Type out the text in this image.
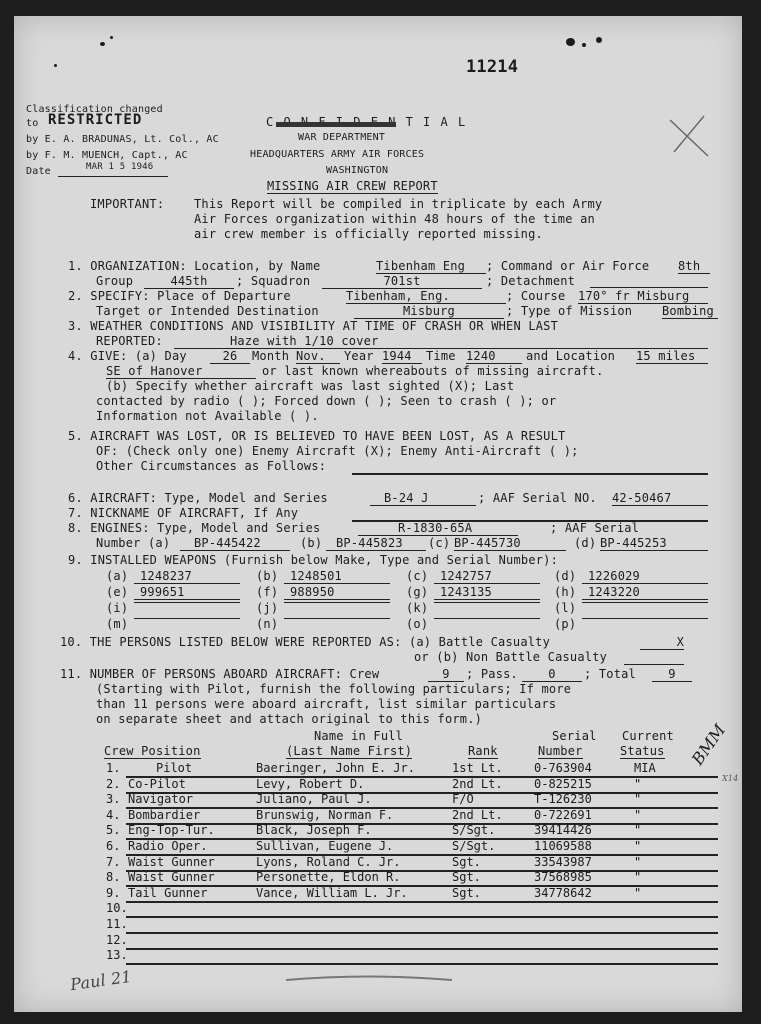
11214
Classification changed
to RESTRICTED
by E. A. BRADUNAS, Lt. Col., AC
by F. M. MUENCH, Capt., AC
Date	MAR 1 5 1946
C O N F I D E N T I A L
WAR DEPARTMENT
HEADQUARTERS ARMY AIR FORCES
WASHINGTON
MISSING AIR CREW REPORT
IMPORTANT: This Report will be compiled in triplicate by each Army
Air Forces organization within 48 hours of the time an
air crew member is officially reported missing.
1. ORGANIZATION: Location, by Name	Tibenham Eng	; Command or Air Force 8th
Group	445th	; Squadron	701st	; Detachment
2. SPECIFY: Place of Departure	Tibenham, Eng.	; Course 170° fr Misburg
Target or Intended Destination	Misburg	; Type of Mission Bombing
3. WEATHER CONDITIONS AND VISIBILITY AT TIME OF CRASH OR WHEN LAST
REPORTED:	Haze with 1/10 cover
4. GIVE: (a) Day	26	Month Nov.	Year 1944	Time 1240	and Location 15 miles
SE of Hanover	or last known whereabouts of missing aircraft.
(b) Specify whether aircraft was last sighted (X); Last
contacted by radio ( ); Forced down ( ); Seen to crash ( ); or
Information not Available ( ).
5. AIRCRAFT WAS LOST, OR IS BELIEVED TO HAVE BEEN LOST, AS A RESULT
OF: (Check only one) Enemy Aircraft (X); Enemy Anti-Aircraft ( );
Other Circumstances as Follows:
6. AIRCRAFT: Type, Model and Series	B-24 J	; AAF Serial NO. 42-50467
7. NICKNAME OF AIRCRAFT, If Any
8. ENGINES: Type, Model and Series	R-1830-65A	; AAF Serial
Number (a)	BP-445422	(b)	BP-445823	(c) BP-445730	(d) BP-445253
9. INSTALLED WEAPONS (Furnish below Make, Type and Serial Number):
(a) 1248237	(b) 1248501	(c) 1242757	(d) 1226029
(e) 999651	(f) 988950	(g) 1243135	(h) 1243220
(i)	(j)	(k)	(l)
(m)	(n)	(o)	(p)
10. THE PERSONS LISTED BELOW WERE REPORTED AS: (a) Battle Casualty	X
or (b) Non Battle Casualty
11. NUMBER OF PERSONS ABOARD AIRCRAFT: Crew	9	; Pass.	0	; Total	9
(Starting with Pilot, furnish the following particulars; If more
than 11 persons were aboard aircraft, list similar particulars
on separate sheet and attach original to this form.)
Name in Full	Serial Current
Crew Position	(Last Name First)	Rank	Number	Status
1.	Pilot	Baeringer, John E. Jr.	1st Lt.	0-763904	MIA
2. Co-Pilot	Levy, Robert D.	2nd Lt.	0-825215	"
3. Navigator	Juliano, Paul J.	F/O	T-126230	"
4. Bombardier	Brunswig, Norman F.	2nd Lt.	0-722691	"
5. Eng-Top-Tur.	Black, Joseph F.	S/Sgt.	39414426	"
6. Radio Oper.	Sullivan, Eugene J.	S/Sgt.	11069588	"
7. Waist Gunner	Lyons, Roland C. Jr.	Sgt.	33543987	"
8. Waist Gunner	Personette, Eldon R.	Sgt.	37568985	"
9. Tail Gunner	Vance, William L. Jr.	Sgt.	34778642	"
10.
11.
12.
13.
BMM
X14
Paul 21
